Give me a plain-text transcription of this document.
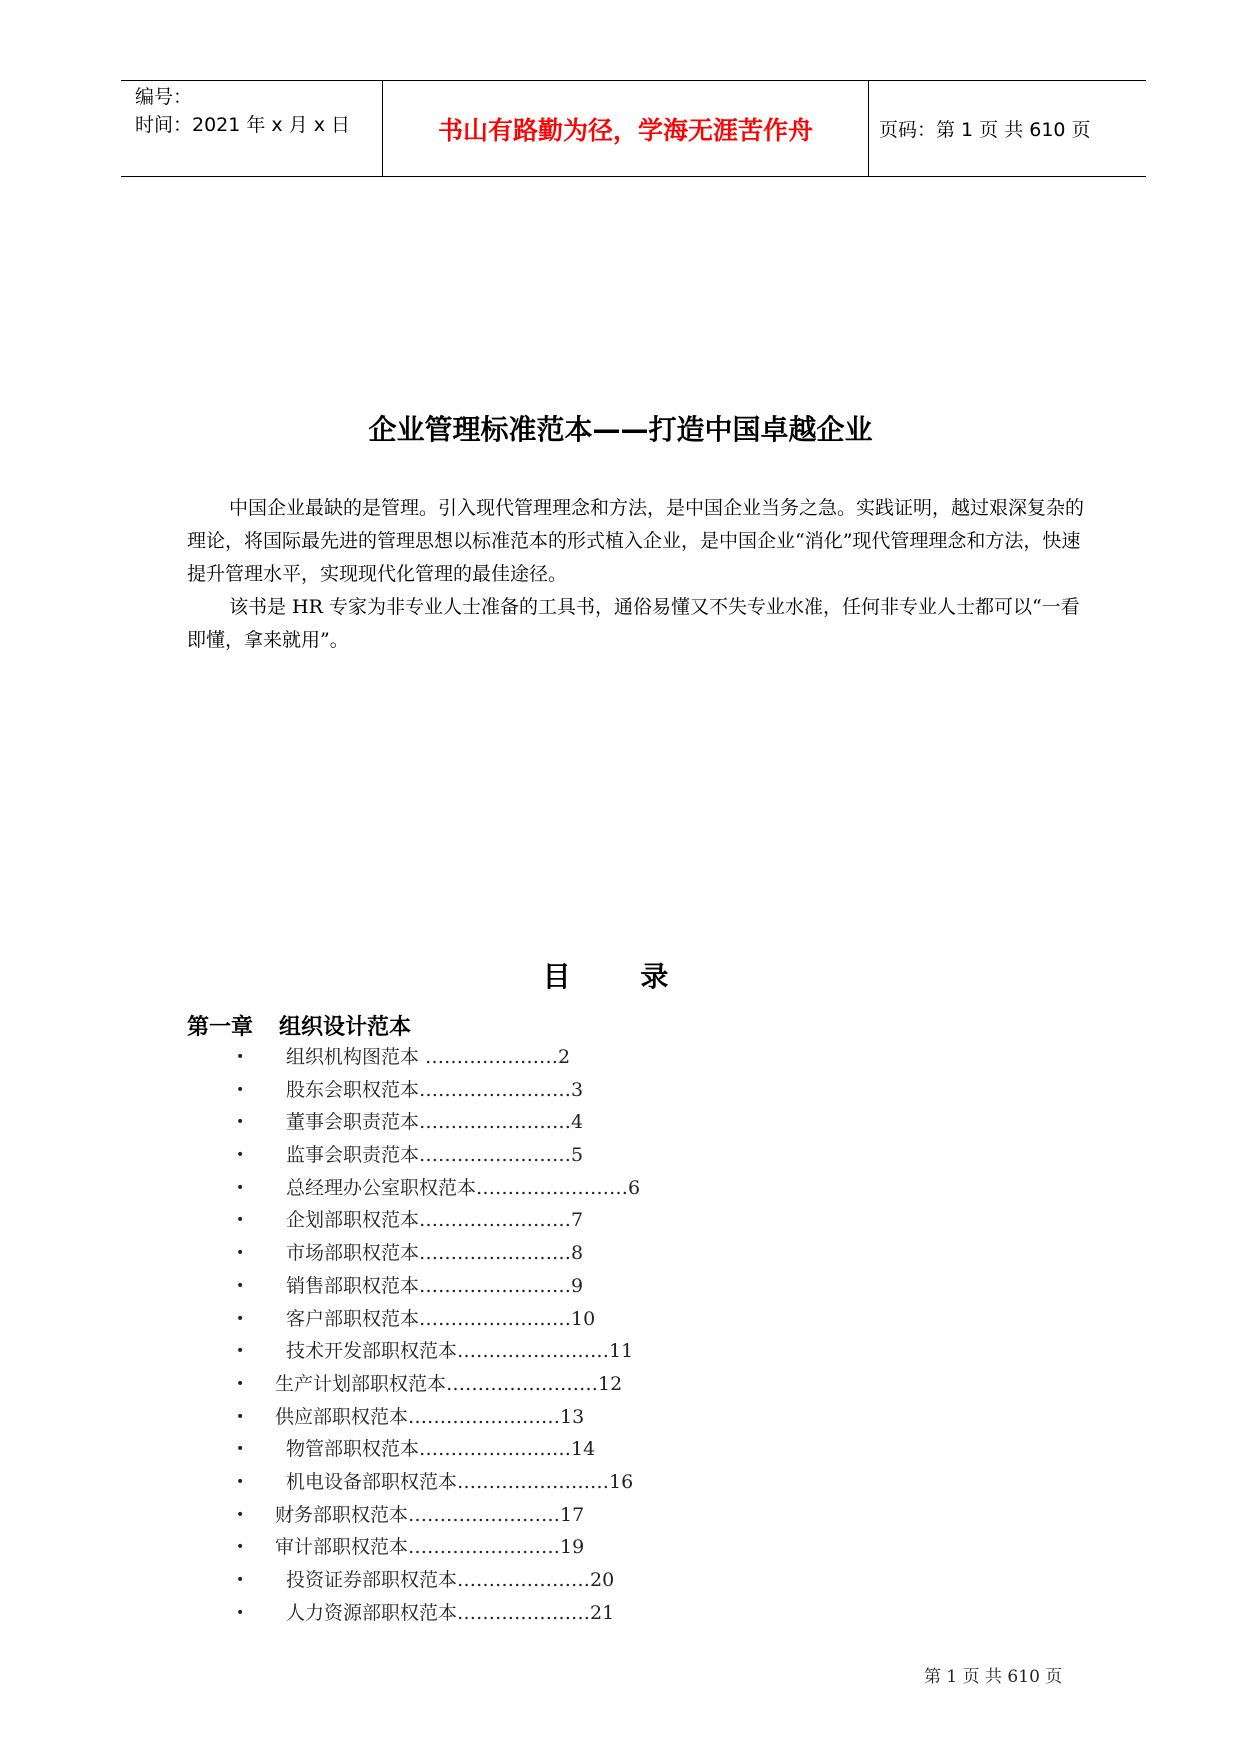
编号：
时间：2021 年 x 月 x 日	书山有路勤为径，学海无涯苦作舟	页码：第 1 页 共 610 页
企业管理标准范本——打造中国卓越企业

中国企业最缺的是管理。引入现代管理理念和方法，是中国企业当务之急。实践证明，越过艰深复杂的理论，将国际最先进的管理思想以标准范本的形式植入企业，是中国企业“消化”现代管理理念和方法，快速提升管理水平，实现现代化管理的最佳途径。

该书是 HR 专家为非专业人士准备的工具书，通俗易懂又不失专业水准，任何非专业人士都可以“一看即懂，拿来就用”。

目 录
第一章 组织设计范本
• 组织机构图范本 …………………2
• 股东会职权范本……………………3
• 董事会职责范本……………………4
• 监事会职责范本……………………5
• 总经理办公室职权范本……………………6
• 企划部职权范本……………………7
• 市场部职权范本……………………8
• 销售部职权范本……………………9
• 客户部职权范本……………………10
• 技术开发部职权范本……………………11
• 生产计划部职权范本……………………12
• 供应部职权范本……………………13
• 物管部职权范本……………………14
• 机电设备部职权范本……………………16
• 财务部职权范本……………………17
• 审计部职权范本……………………19
• 投资证券部职权范本…………………20
• 人力资源部职权范本…………………21
第 1 页 共 610 页
